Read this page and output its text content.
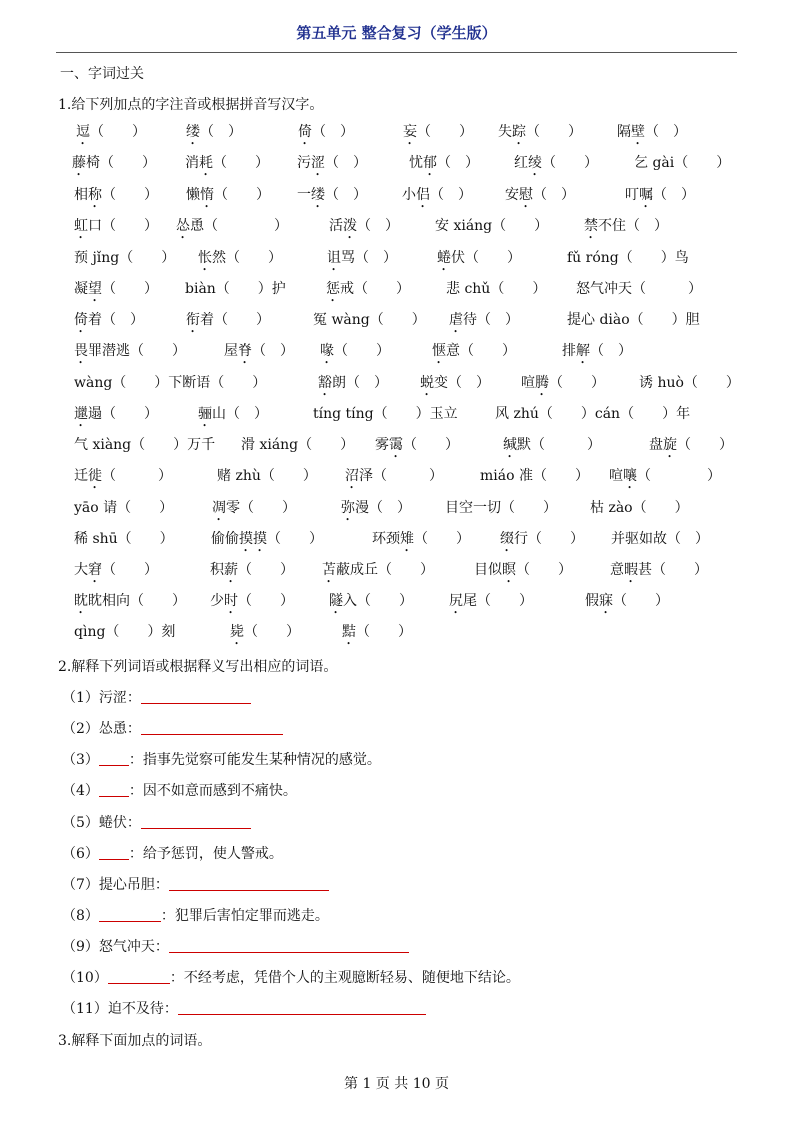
第五单元 整合复习（学生版）
一、字词过关
1.给下列加点的字注音或根据拼音写汉字。
逗（　　）	缕（　）	倚（　）	妄（　　） 失踪（　　）	隔壁（　）
藤椅（　　） 消耗（　　） 污涩（　）	忧郁（　）	红绫（　　）	乞 gài（　　）
相称（　　） 懒惰（　　） 一缕（　）	小侣（　） 安慰（　）	叮嘱（　）
虹口（　　） 怂恿（　　　　）	活泼（　）	安 xiáng（　　）	禁不住（　）
预 jǐng（　　） 怅然（　　）	诅骂（　）	蜷伏（　　）	fǔ róng（　　）鸟
凝望（　　） biàn（　　）护	惩戒（　　）	悲 chǔ（　　） 怒气冲天（　　　）
倚着（　）	衔着（　　）	冤 wàng（　　） 虐待（　）	提心 diào（　　）胆
畏罪潜逃（　　）	屋脊（　） 喙（　　）	惬意（　　）	排解（　）
wàng（　　）下断语（　　）	豁朗（　） 蜕变（　） 喧腾（　　） 诱 huò（　　）
邋遢（　　）	骊山（　）	tíng tíng（　　）玉立	风 zhú（　　）cán（　　）年
气 xiàng（　　）万千 滑 xiáng（　　） 雾霭（　　）	缄默（　　　）	盘旋（　　）
迁徙（　　　）	赌 zhù（　　） 沼泽（　　　）	miáo 准（　　） 喧嚷（　　　　）
yāo 请（　　）	凋零（　　）	弥漫（　） 目空一切（　　） 枯 zào（　　）
稀 shū（　　）	偷偷摸摸（　　）	环颈雉（　　） 缀行（　　） 并驱如故（　）
大窘（　　）	积薪（　　） 苫蔽成丘（　　）	目似瞑（　　）	意暇甚（　　）
眈眈相向（　　） 少时（　　）	隧入（　　）	尻尾（　　）	假寐（　　）
qìng（　　）刻	毙（　　）	黠（　　）
2.解释下列词语或根据释义写出相应的词语。
（1）污涩：
（2）怂恿：
（3） ：指事先觉察可能发生某种情况的感觉。
（4） ：因不如意而感到不痛快。
（5）蜷伏：
（6） ：给予惩罚，使人警戒。
（7）提心吊胆：
（8）	：犯罪后害怕定罪而逃走。
（9）怒气冲天：
（10）	：不经考虑，凭借个人的主观臆断轻易、随便地下结论。
（11）迫不及待：
3.解释下面加点的词语。
第 1 页 共 10 页
